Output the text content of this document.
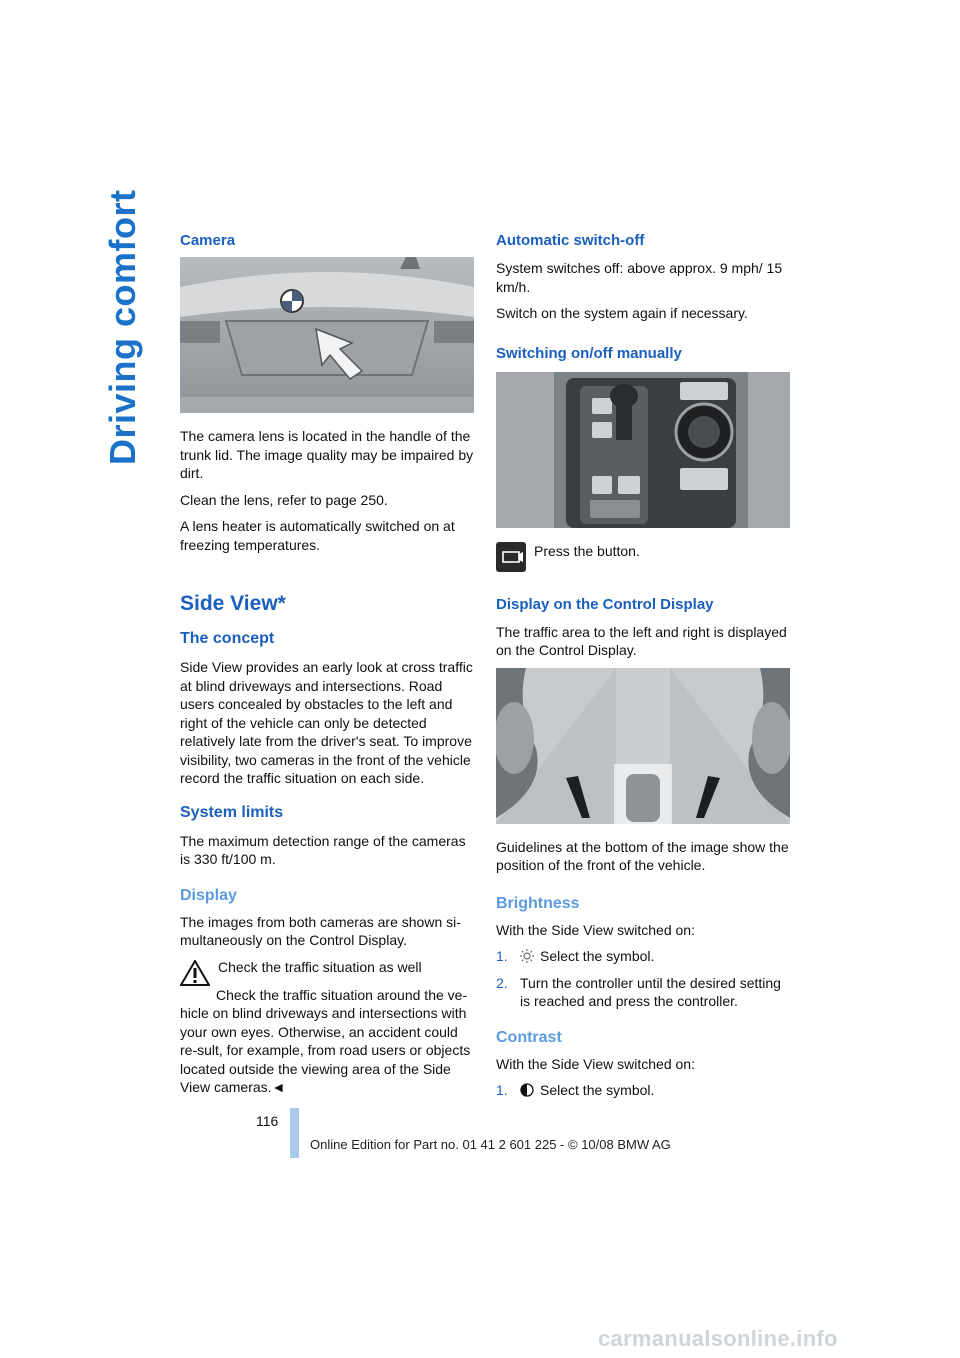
Driving comfort Camera

The camera lens is located in the handle of the trunk lid. The image quality may be impaired by dirt.

Clean the lens, refer to page 250.

A lens heater is automatically switched on at freezing temperatures.

Side View*
The concept

Side View provides an early look at cross traffic at blind driveways and intersections. Road users concealed by obstacles to the left and right of the vehicle can only be detected relatively late from the driver's seat. To improve visibility, two cameras in the front of the vehicle record the traffic situation on each side.

System limits

The maximum detection range of the cameras is 330 ft/100 m.

Display

The images from both cameras are shown si-multaneously on the Control Display.

Check the traffic situation as well

Check the traffic situation around the ve-hicle on blind driveways and intersections with your own eyes. Otherwise, an accident could re-sult, for example, from road users or objects located outside the viewing area of the Side View cameras.◄

Automatic switch-off

System switches off: above approx. 9 mph/ 15 km/h.

Switch on the system again if necessary.

Switching on/off manually

Press the button.

Display on the Control Display

The traffic area to the left and right is displayed on the Control Display.

Guidelines at the bottom of the image show the position of the front of the vehicle.

Brightness

With the Side View switched on:

1.	Select the symbol.
2. Turn the controller until the desired setting is reached and press the controller.
Contrast

With the Side View switched on:

1.	Select the symbol.
116
Online Edition for Part no. 01 41 2 601 225 - © 10/08 BMW AG
carmanualsonline.info
